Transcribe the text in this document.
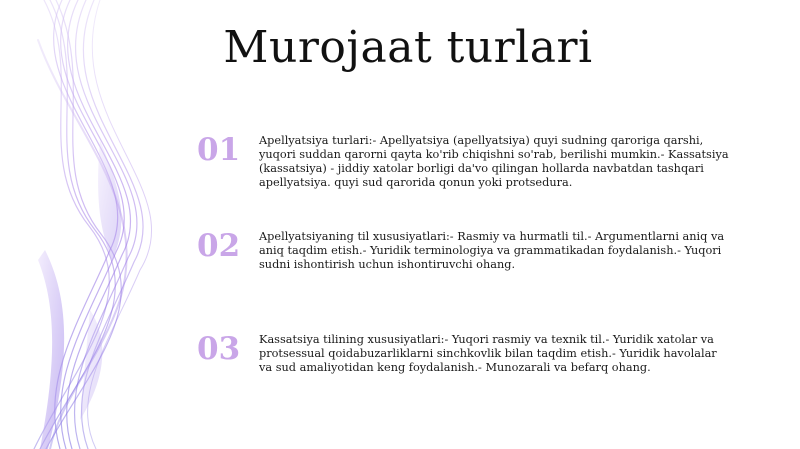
Murojaat turlari
01	Apellyatsiya turlari:- Apellyatsiya (apellyatsiya) quyi sudning qaroriga qarshi, yuqori suddan qarorni qayta ko'rib chiqishni so'rab, berilishi mumkin.- Kassatsiya (kassatsiya) - jiddiy xatolar borligi da'vo qilingan hollarda navbatdan tashqari apellyatsiya. quyi sud qarorida qonun yoki protsedura.
02	Apellyatsiyaning til xususiyatlari:- Rasmiy va hurmatli til.- Argumentlarni aniq va aniq taqdim etish.- Yuridik terminologiya va grammatikadan foydalanish.- Yuqori sudni ishontirish uchun ishontiruvchi ohang.
03	Kassatsiya tilining xususiyatlari:- Yuqori rasmiy va texnik til.- Yuridik xatolar va protsessual qoidabuzarliklarni sinchkovlik bilan taqdim etish.- Yuridik havolalar va sud amaliyotidan keng foydalanish.- Munozarali va befarq ohang.
